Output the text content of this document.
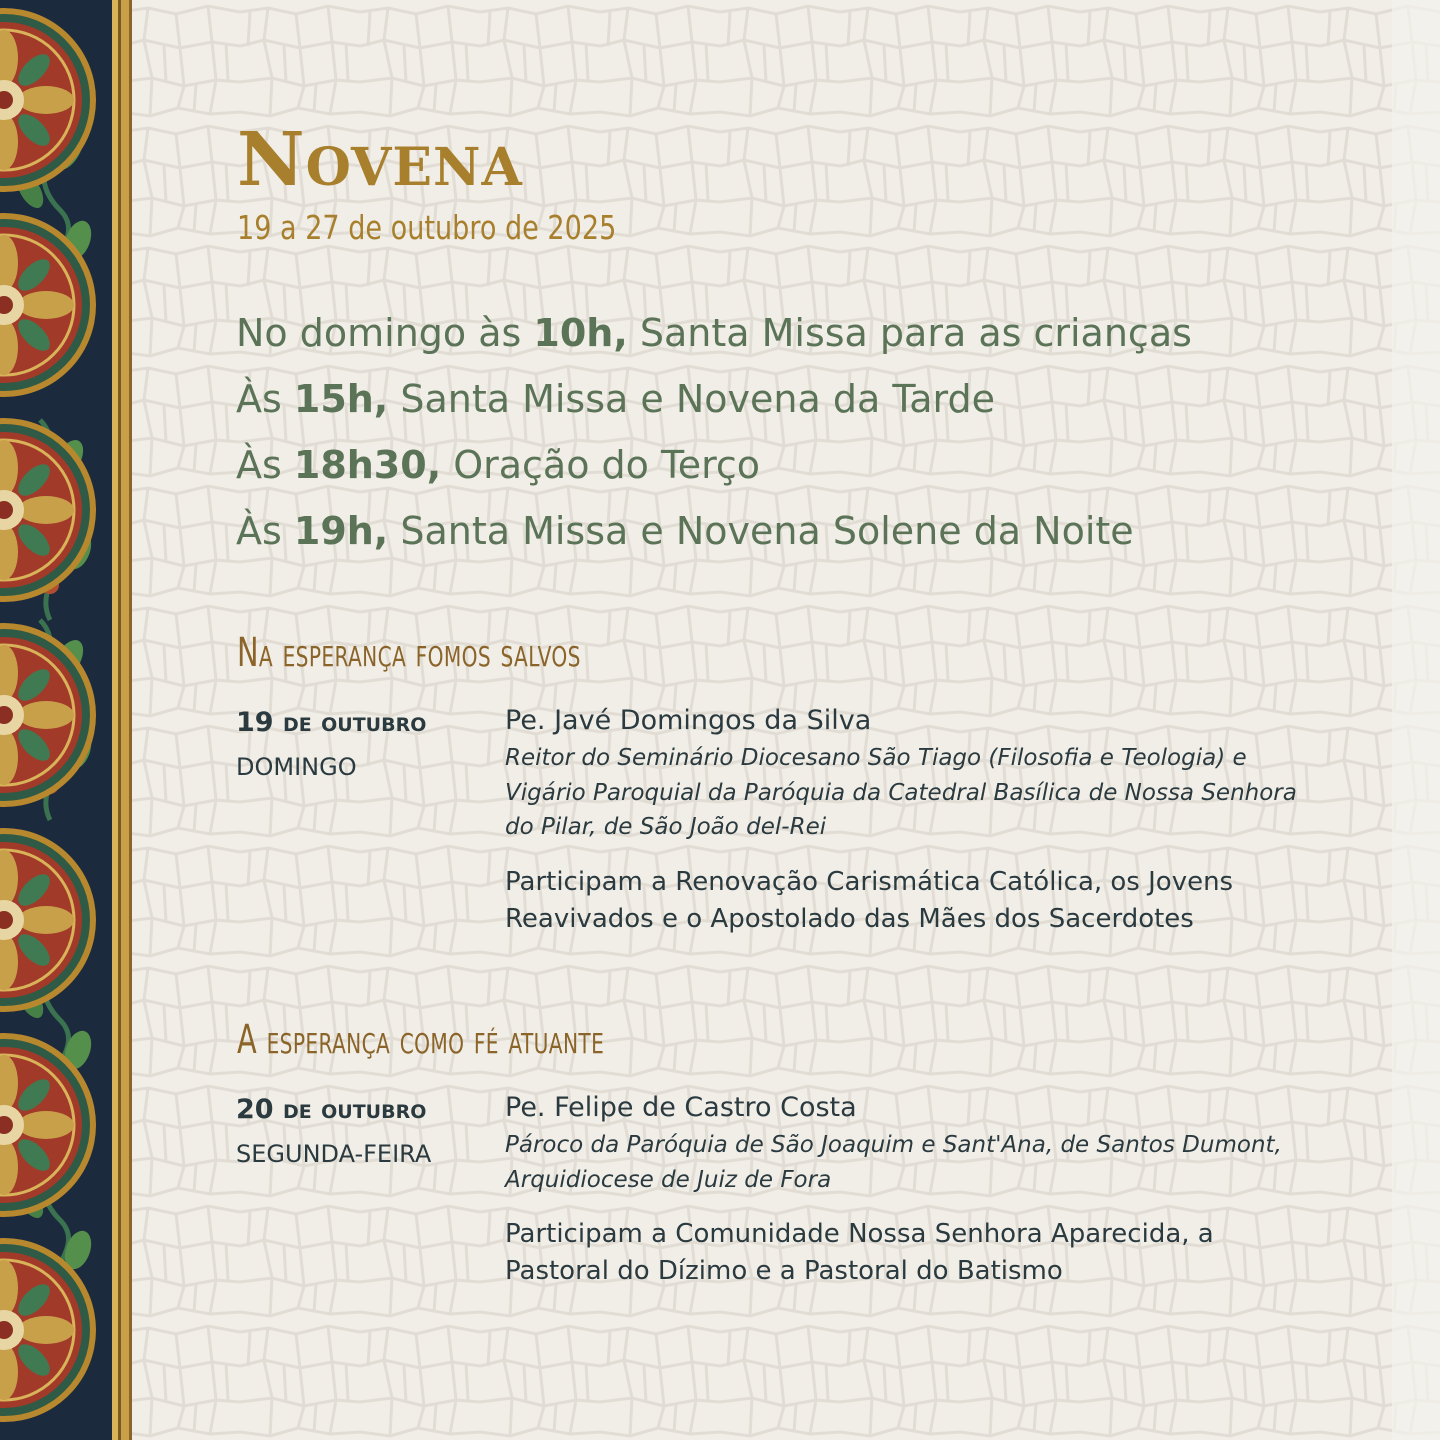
Novena
19 a 27 de outubro de 2025
No domingo às 10h, Santa Missa para as crianças
Às 15h, Santa Missa e Novena da Tarde
Às 18h30, Oração do Terço
Às 19h, Santa Missa e Novena Solene da Noite
Na esperança fomos salvos
19 de outubro
DOMINGO
Pe. Javé Domingos da Silva
Reitor do Seminário Diocesano São Tiago (Filosofia e Teologia) e Vigário Paroquial da Paróquia da Catedral Basílica de Nossa Senhora do Pilar, de São João del-Rei
Participam a Renovação Carismática Católica, os Jovens Reavivados e o Apostolado das Mães dos Sacerdotes
A esperança como fé atuante
20 de outubro
SEGUNDA-FEIRA
Pe. Felipe de Castro Costa
Pároco da Paróquia de São Joaquim e Sant'Ana, de Santos Dumont, Arquidiocese de Juiz de Fora
Participam a Comunidade Nossa Senhora Aparecida, a Pastoral do Dízimo e a Pastoral do Batismo
